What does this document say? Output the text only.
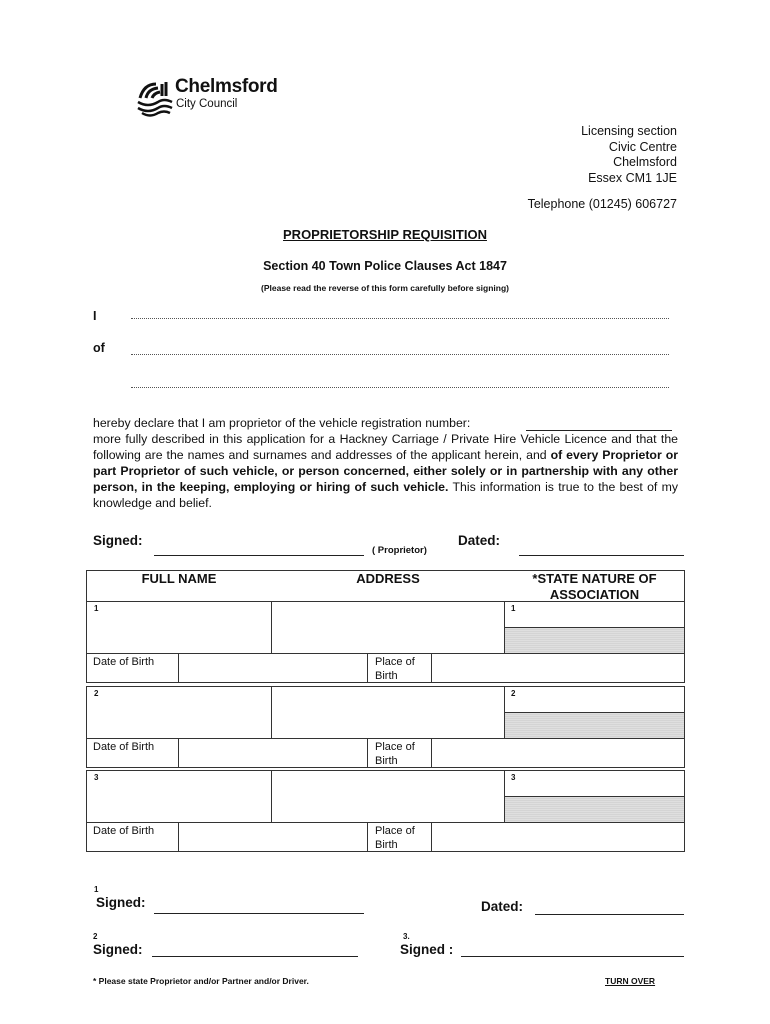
Chelmsford
City Council
Licensing section
Civic Centre
Chelmsford
Essex CM1 1JE
Telephone (01245) 606727
PROPRIETORSHIP REQUISITION
Section 40 Town Police Clauses Act 1847
(Please read the reverse of this form carefully before signing)
I
of
hereby declare that I am proprietor of the vehicle registration number:
more fully described in this application for a Hackney Carriage / Private Hire Vehicle Licence and that the following are the names and surnames and addresses of the applicant herein, and of every Proprietor or part Proprietor of such vehicle, or person concerned, either solely or in partnership with any other person, in the keeping, employing or hiring of such vehicle. This information is true to the best of my knowledge and belief.
Signed:
( Proprietor)
Dated:
FULL NAME	ADDRESS	*STATE NATURE OF ASSOCIATION
1	1
Date of Birth	Place of Birth
2	2
Date of Birth	Place of Birth
3	3
Date of Birth	Place of Birth
1
Signed:	Dated:
2
Signed:
3.
Signed :
* Please state Proprietor and/or Partner and/or Driver.	TURN OVER
